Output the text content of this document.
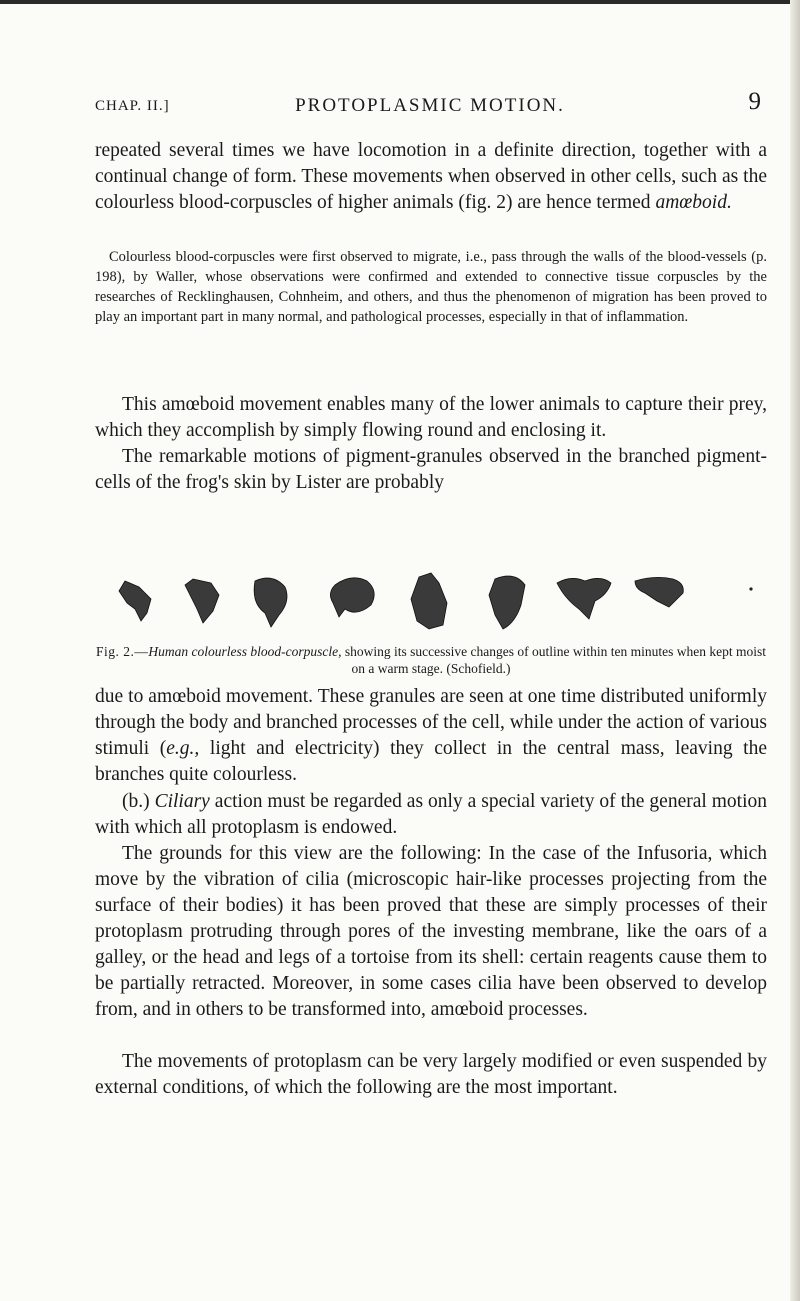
CHAP. II.]	PROTOPLASMIC MOTION.	9

repeated several times we have locomotion in a definite direction, together with a continual change of form. These movements when observed in other cells, such as the colourless blood-corpuscles of higher animals (fig. 2) are hence termed amœboid.

Colourless blood-corpuscles were first observed to migrate, i.e., pass through the walls of the blood-vessels (p. 198), by Waller, whose observations were confirmed and extended to connective tissue corpuscles by the researches of Recklinghausen, Cohnheim, and others, and thus the phenomenon of migration has been proved to play an important part in many normal, and pathological processes, especially in that of inflammation.

This amœboid movement enables many of the lower animals to capture their prey, which they accomplish by simply flowing round and enclosing it.

The remarkable motions of pigment-granules observed in the branched pigment-cells of the frog's skin by Lister are probably

Fig. 2.—Human colourless blood-corpuscle, showing its successive changes of outline within ten minutes when kept moist on a warm stage. (Schofield.)

due to amœboid movement. These granules are seen at one time distributed uniformly through the body and branched processes of the cell, while under the action of various stimuli (e.g., light and electricity) they collect in the central mass, leaving the branches quite colourless.

(b.) Ciliary action must be regarded as only a special variety of the general motion with which all protoplasm is endowed.

The grounds for this view are the following: In the case of the Infusoria, which move by the vibration of cilia (microscopic hair-like processes projecting from the surface of their bodies) it has been proved that these are simply processes of their protoplasm protruding through pores of the investing membrane, like the oars of a galley, or the head and legs of a tortoise from its shell: certain reagents cause them to be partially retracted. Moreover, in some cases cilia have been observed to develop from, and in others to be transformed into, amœboid processes.

The movements of protoplasm can be very largely modified or even suspended by external conditions, of which the following are the most important.
